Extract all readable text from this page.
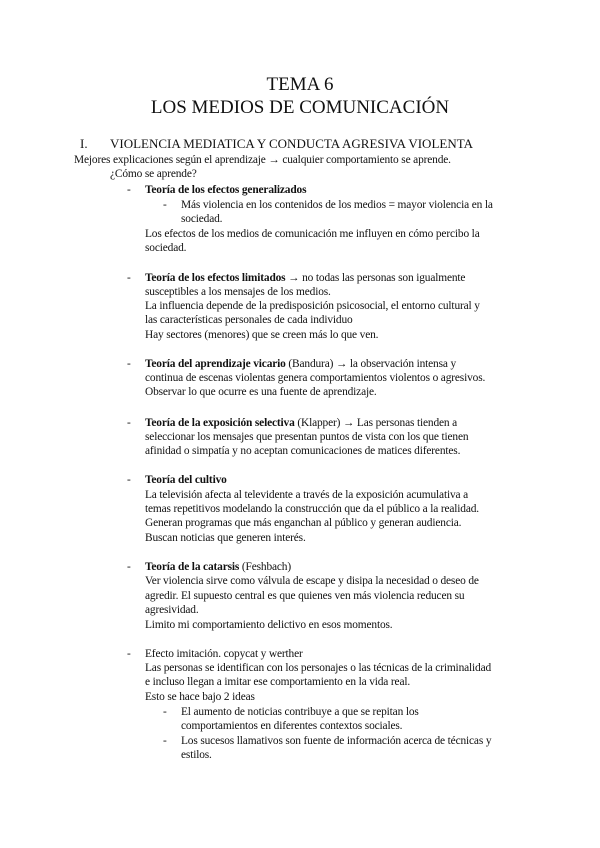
TEMA 6
LOS MEDIOS DE COMUNICACIÓN
I. VIOLENCIA MEDIATICA Y CONDUCTA AGRESIVA VIOLENTA
Mejores explicaciones según el aprendizaje → cualquier comportamiento se aprende.
¿Cómo se aprende?
- Teoría de los efectos generalizados
- Más violencia en los contenidos de los medios = mayor violencia en la
sociedad.
Los efectos de los medios de comunicación me influyen en cómo percibo la
sociedad.
- Teoría de los efectos limitados → no todas las personas son igualmente
susceptibles a los mensajes de los medios.
La influencia depende de la predisposición psicosocial, el entorno cultural y
las características personales de cada individuo
Hay sectores (menores) que se creen más lo que ven.
- Teoría del aprendizaje vicario (Bandura) → la observación intensa y
continua de escenas violentas genera comportamientos violentos o agresivos.
Observar lo que ocurre es una fuente de aprendizaje.
- Teoría de la exposición selectiva (Klapper) → Las personas tienden a
seleccionar los mensajes que presentan puntos de vista con los que tienen
afinidad o simpatía y no aceptan comunicaciones de matices diferentes.
- Teoría del cultivo
La televisión afecta al televidente a través de la exposición acumulativa a
temas repetitivos modelando la construcción que da el público a la realidad.
Generan programas que más enganchan al público y generan audiencia.
Buscan noticias que generen interés.
- Teoría de la catarsis (Feshbach)
Ver violencia sirve como válvula de escape y disipa la necesidad o deseo de
agredir. El supuesto central es que quienes ven más violencia reducen su
agresividad.
Limito mi comportamiento delictivo en esos momentos.
- Efecto imitación. copycat y werther
Las personas se identifican con los personajes o las técnicas de la criminalidad
e incluso llegan a imitar ese comportamiento en la vida real.
Esto se hace bajo 2 ideas
- El aumento de noticias contribuye a que se repitan los
comportamientos en diferentes contextos sociales.
- Los sucesos llamativos son fuente de información acerca de técnicas y
estilos.
